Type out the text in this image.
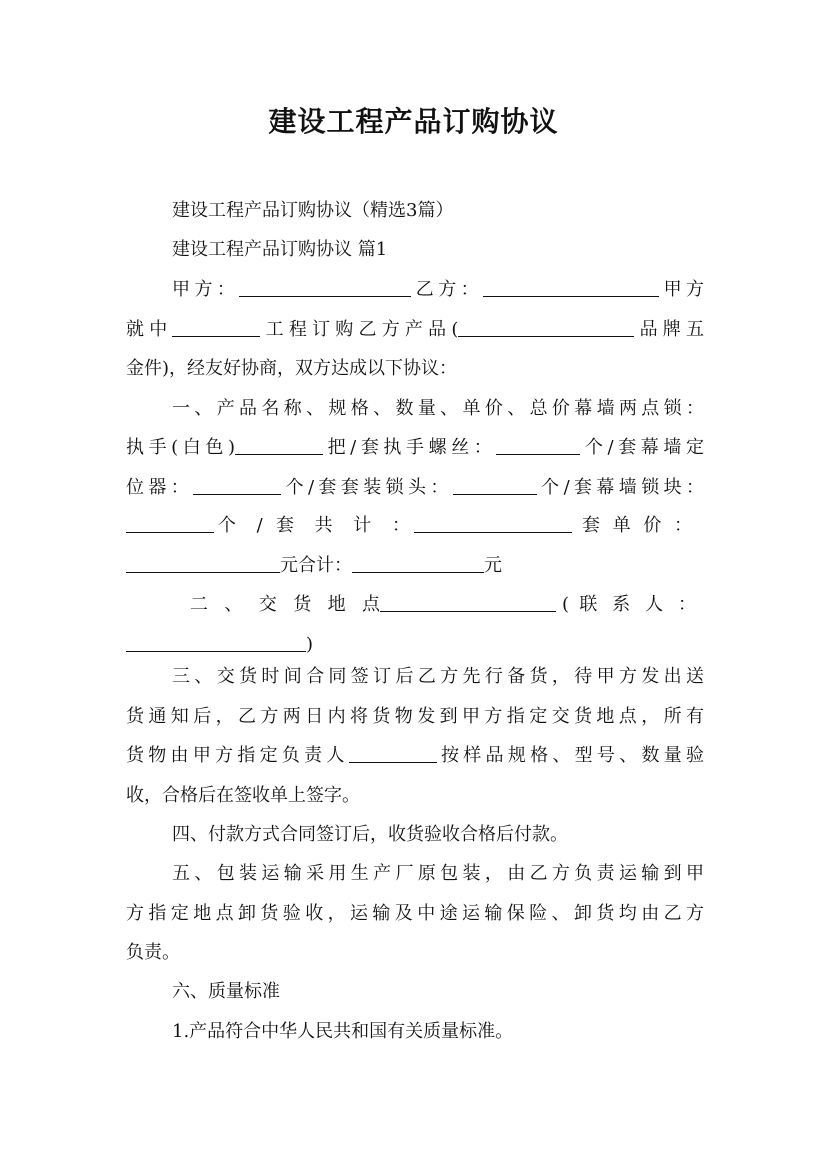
建设工程产品订购协议
建设工程产品订购协议（精选3篇）
建设工程产品订购协议 篇1
甲方：	乙方：	甲方
就中	工程订购乙方产品(	品牌五
金件)，经友好协商，双方达成以下协议：
一、产品名称、规格、数量、单价、总价幕墙两点锁：
执手(白色)	把/套执手螺丝：	个/套幕墙定
位器：	个/套套装锁头：	个/套幕墙锁块：
个 / 套 共 计 ：	套 单 价 ：
元合计：	元
二 、 交 货 地 点	( 联 系 人 ：
)
三、交货时间合同签订后乙方先行备货，待甲方发出送
货通知后，乙方两日内将货物发到甲方指定交货地点，所有
货物由甲方指定负责人	按样品规格、型号、数量验
收，合格后在签收单上签字。
四、付款方式合同签订后，收货验收合格后付款。
五、包装运输采用生产厂原包装，由乙方负责运输到甲
方指定地点卸货验收，运输及中途运输保险、卸货均由乙方
负责。
六、质量标准
1.产品符合中华人民共和国有关质量标准。
